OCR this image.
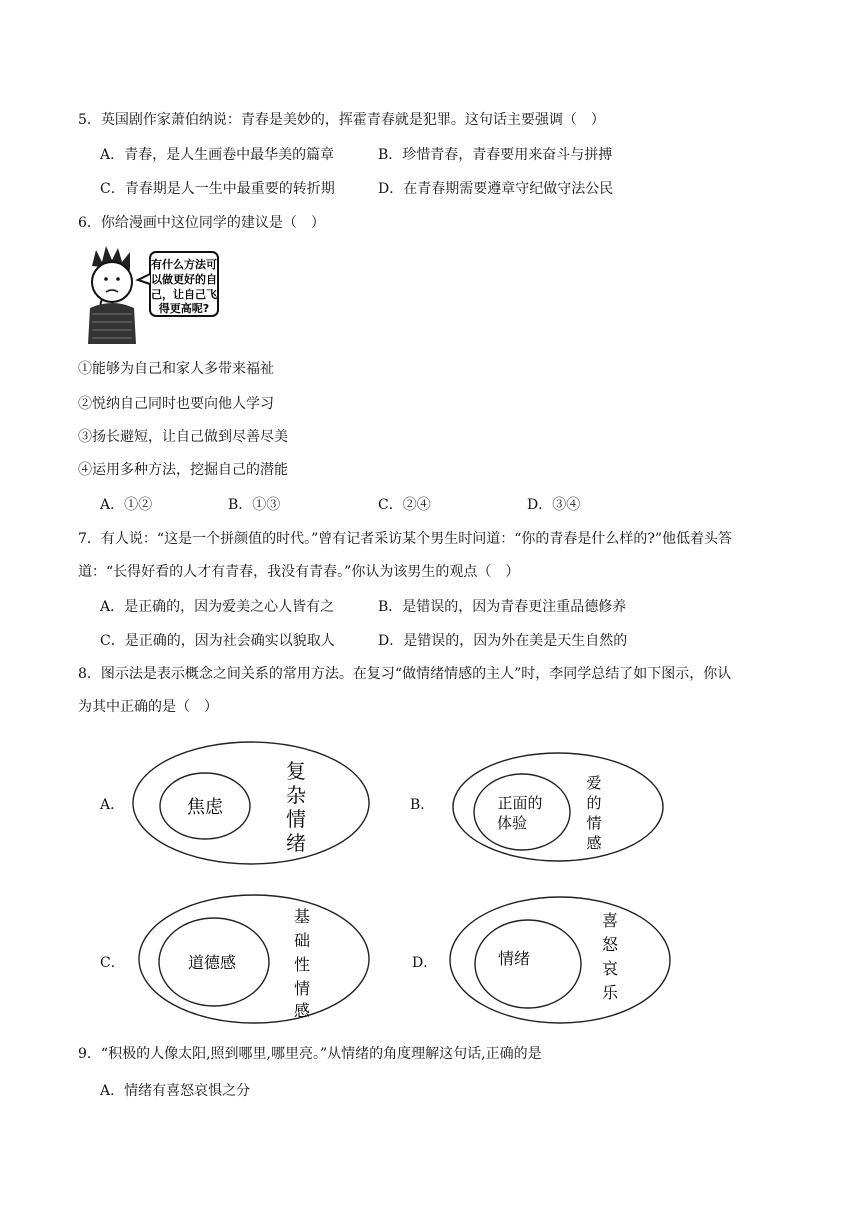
5．英国剧作家萧伯纳说：青春是美妙的，挥霍青春就是犯罪。这句话主要强调（　）
A．青春，是人生画卷中最华美的篇章	B．珍惜青春，青春要用来奋斗与拼搏
C．青春期是人一生中最重要的转折期	D．在青春期需要遵章守纪做守法公民
6．你给漫画中这位同学的建议是（　）
有什么方法可
以做更好的自
己，让自己飞
得更高呢?
①能够为自己和家人多带来福祉
②悦纳自己同时也要向他人学习
③扬长避短，让自己做到尽善尽美
④运用多种方法，挖掘自己的潜能
A．①②	B．①③	C．②④	D．③④
7．有人说：“这是一个拼颜值的时代。”曾有记者采访某个男生时问道：“你的青春是什么样的?”他低着头答
道：“长得好看的人才有青春，我没有青春。”你认为该男生的观点（　）
A．是正确的，因为爱美之心人皆有之	B．是错误的，因为青春更注重品德修养
C．是正确的，因为社会确实以貌取人	D．是错误的，因为外在美是天生自然的
8．图示法是表示概念之间关系的常用方法。在复习“做情绪情感的主人”时，李同学总结了如下图示，你认
为其中正确的是（　）
A．	焦虑
复
杂
情
绪
B．	正面的
体验
爱
的
情
感
C．	道德感
基
础
性
情
感
D．	情绪
喜
怒
哀
乐
9．“积极的人像太阳,照到哪里,哪里亮。”从情绪的角度理解这句话,正确的是
A．情绪有喜怒哀惧之分
